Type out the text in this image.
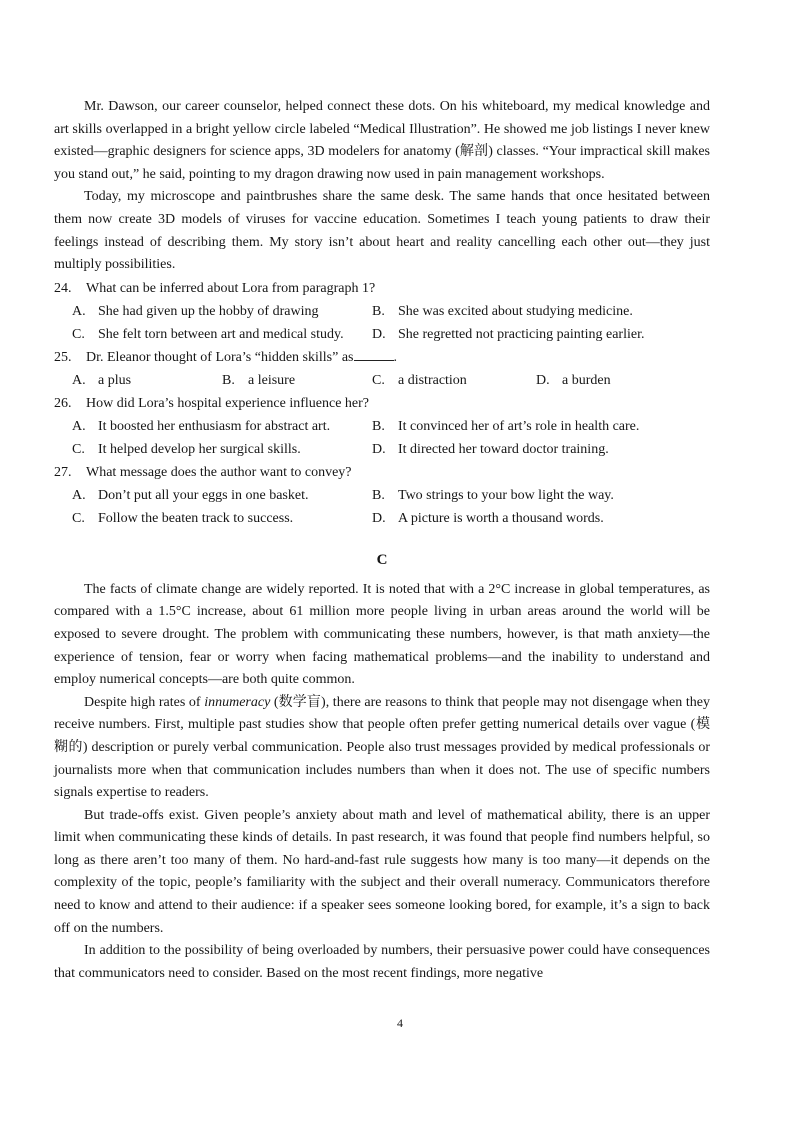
Mr. Dawson, our career counselor, helped connect these dots. On his whiteboard, my medical knowledge and art skills overlapped in a bright yellow circle labeled “Medical Illustration”. He showed me job listings I never knew existed—graphic designers for science apps, 3D modelers for anatomy (解剖) classes. “Your impractical skill makes you stand out,” he said, pointing to my dragon drawing now used in pain management workshops.

Today, my microscope and paintbrushes share the same desk. The same hands that once hesitated between them now create 3D models of viruses for vaccine education. Sometimes I teach young patients to draw their feelings instead of describing them. My story isn’t about heart and reality cancelling each other out—they just multiply possibilities.

24. What can be inferred about Lora from paragraph 1?

A. She had given up the hobby of drawing	B. She was excited about studying medicine.
C. She felt torn between art and medical study.	D. She regretted not practicing painting earlier.

25. Dr. Eleanor thought of Lora’s “hidden skills” as	.

A. a plus	B. a leisure	C. a distraction	D. a burden

26. How did Lora’s hospital experience influence her?

A. It boosted her enthusiasm for abstract art.	B. It convinced her of art’s role in health care.
C. It helped develop her surgical skills.	D. It directed her toward doctor training.

27. What message does the author want to convey?

A. Don’t put all your eggs in one basket.	B. Two strings to your bow light the way.
C. Follow the beaten track to success.	D. A picture is worth a thousand words.
C

The facts of climate change are widely reported. It is noted that with a 2°C increase in global temperatures, as compared with a 1.5°C increase, about 61 million more people living in urban areas around the world will be exposed to severe drought. The problem with communicating these numbers, however, is that math anxiety—the experience of tension, fear or worry when facing mathematical problems—and the inability to understand and employ numerical concepts—are both quite common.

Despite high rates of innumeracy (数学盲), there are reasons to think that people may not disengage when they receive numbers. First, multiple past studies show that people often prefer getting numerical details over vague (模糊的) description or purely verbal communication. People also trust messages provided by medical professionals or journalists more when that communication includes numbers than when it does not. The use of specific numbers signals expertise to readers.

But trade-offs exist. Given people’s anxiety about math and level of mathematical ability, there is an upper limit when communicating these kinds of details. In past research, it was found that people find numbers helpful, so long as there aren’t too many of them. No hard-and-fast rule suggests how many is too many—it depends on the complexity of the topic, people’s familiarity with the subject and their overall numeracy. Communicators therefore need to know and attend to their audience: if a speaker sees someone looking bored, for example, it’s a sign to back off on the numbers.

In addition to the possibility of being overloaded by numbers, their persuasive power could have consequences that communicators need to consider. Based on the most recent findings, more negative

4
